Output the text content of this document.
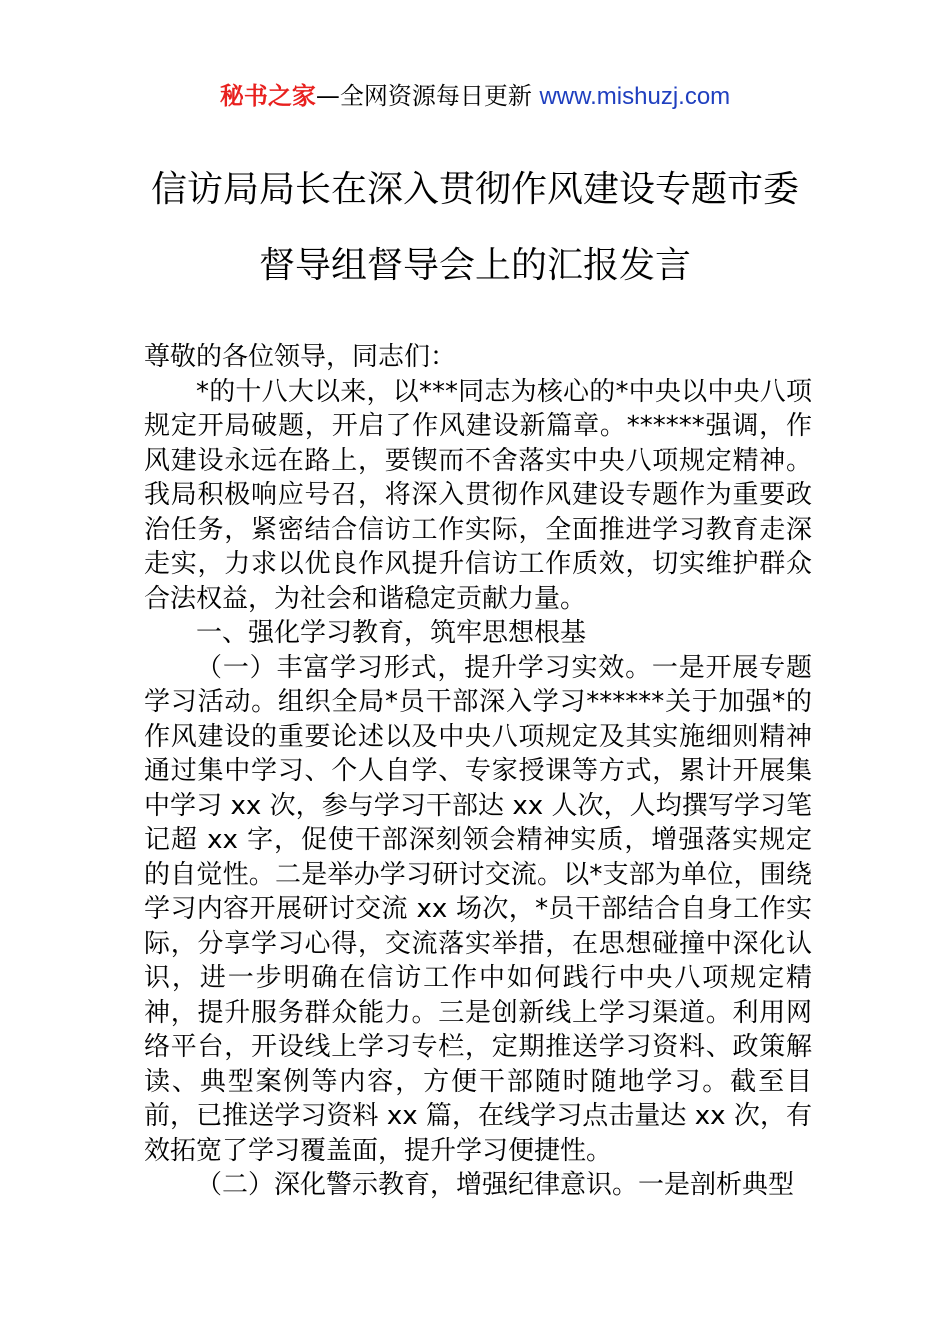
秘书之家—全网资源每日更新 www.mishuzj.com
信访局局长在深入贯彻作风建设专题市委
督导组督导会上的汇报发言

尊敬的各位领导，同志们：

*的十八大以来，以***同志为核心的*中央以中央八项规定开局破题，开启了作风建设新篇章。******强调，作风建设永远在路上，要锲而不舍落实中央八项规定精神。我局积极响应号召，将深入贯彻作风建设专题作为重要政治任务，紧密结合信访工作实际，全面推进学习教育走深走实，力求以优良作风提升信访工作质效，切实维护群众合法权益，为社会和谐稳定贡献力量。

一、强化学习教育，筑牢思想根基

（一）丰富学习形式，提升学习实效。一是开展专题学习活动。组织全局*员干部深入学习******关于加强*的作风建设的重要论述以及中央八项规定及其实施细则精神通过集中学习、个人自学、专家授课等方式，累计开展集中学习 xx 次，参与学习干部达 xx 人次，人均撰写学习笔记超 xx 字，促使干部深刻领会精神实质，增强落实规定的自觉性。二是举办学习研讨交流。以*支部为单位，围绕学习内容开展研讨交流 xx 场次，*员干部结合自身工作实际，分享学习心得，交流落实举措，在思想碰撞中深化认识，进一步明确在信访工作中如何践行中央八项规定精神，提升服务群众能力。三是创新线上学习渠道。利用网络平台，开设线上学习专栏，定期推送学习资料、政策解读、典型案例等内容，方便干部随时随地学习。截至目前，已推送学习资料 xx 篇，在线学习点击量达 xx 次，有效拓宽了学习覆盖面，提升学习便捷性。

（二）深化警示教育，增强纪律意识。一是剖析典型
